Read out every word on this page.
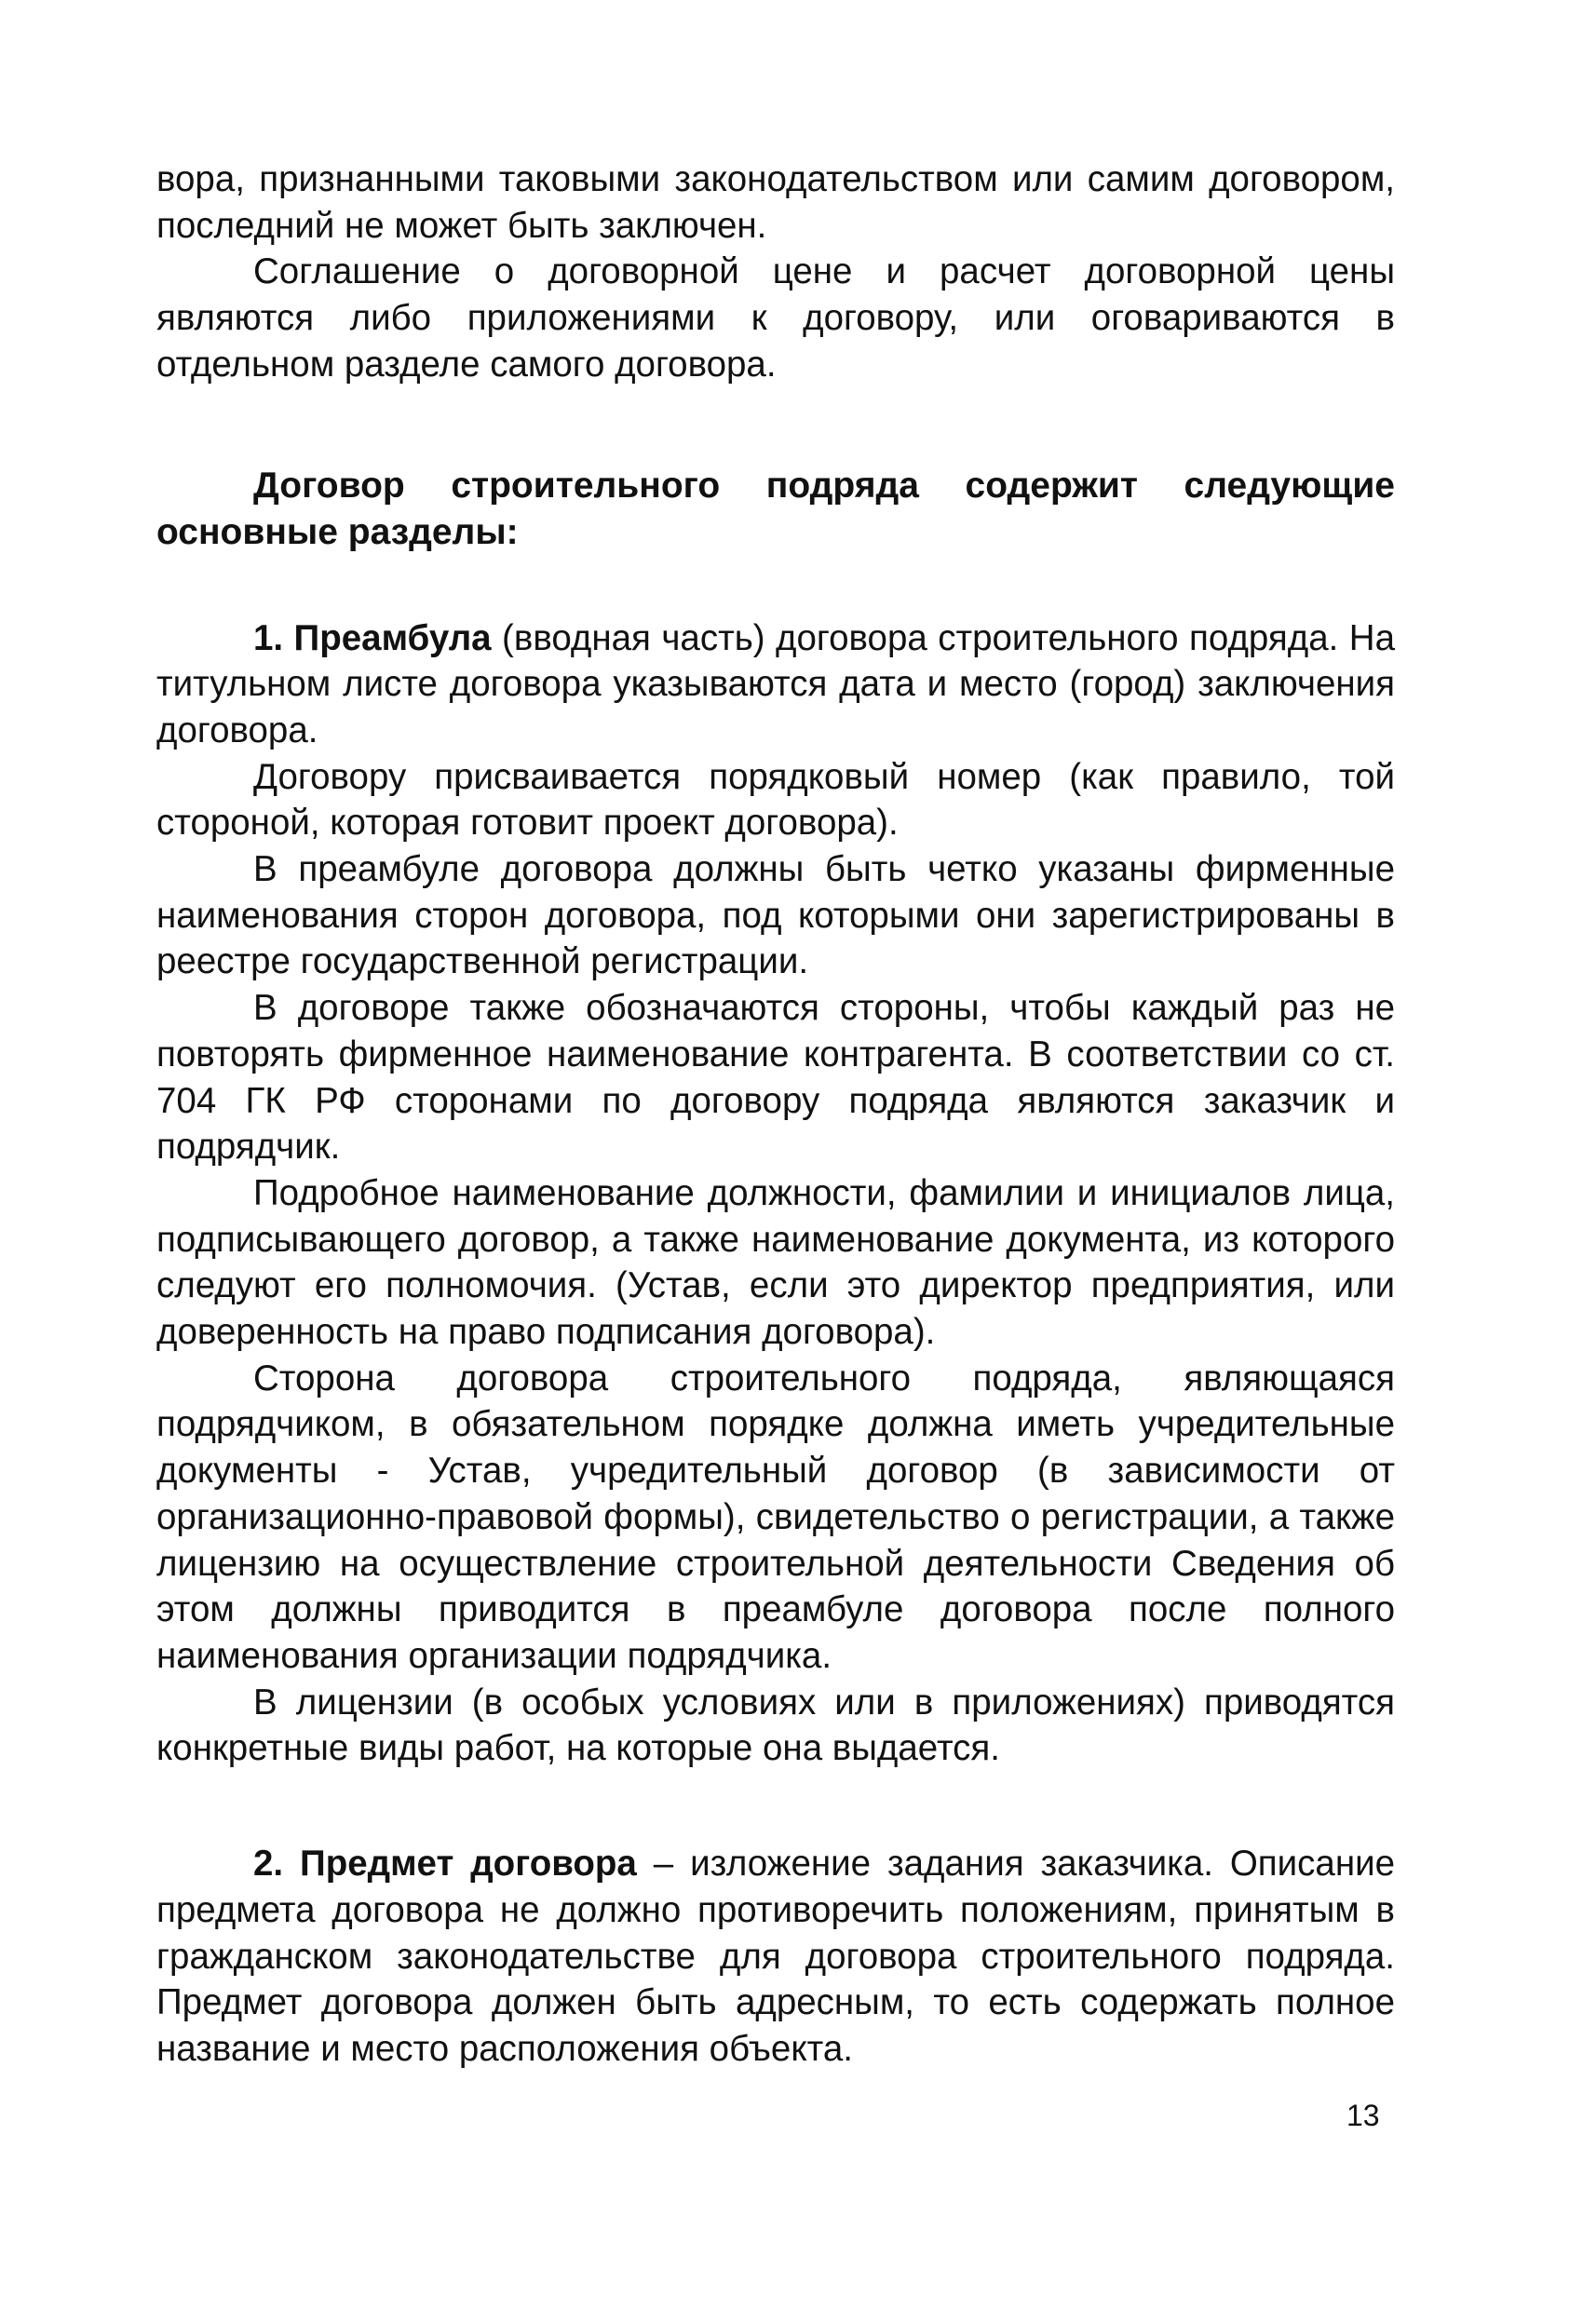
вора, признанными таковыми законодательством или самим договором, последний не может быть заключен.

Соглашение о договорной цене и расчет договорной цены являются либо приложениями к договору, или оговариваются в отдельном разделе самого договора.

Договор строительного подряда содержит следующие основные разделы:

1. Преамбула (вводная часть) договора строительного подряда. На титульном листе договора указываются дата и место (город) заключения договора.

Договору присваивается порядковый номер (как правило, той стороной, которая готовит проект договора).

В преамбуле договора должны быть четко указаны фирменные наименования сторон договора, под которыми они зарегистрированы в реестре государственной регистрации.

В договоре также обозначаются стороны, чтобы каждый раз не повторять фирменное наименование контрагента. В соответствии со ст. 704 ГК РФ сторонами по договору подряда являются заказчик и подрядчик.

Подробное наименование должности, фамилии и инициалов лица, подписывающего договор, а также наименование документа, из которого следуют его полномочия. (Устав, если это директор предприятия, или доверенность на право подписания договора).

Сторона договора строительного подряда, являющаяся подрядчиком, в обязательном порядке должна иметь учредительные документы - Устав, учредительный договор (в зависимости от организационно-правовой формы), свидетельство о регистрации, а также лицензию на осуществление строительной деятельности Сведения об этом должны приводится в преамбуле договора после полного наименования организации подрядчика.

В лицензии (в особых условиях или в приложениях) приводятся конкретные виды работ, на которые она выдается.

2. Предмет договора – изложение задания заказчика. Описание предмета договора не должно противоречить положениям, принятым в гражданском законодательстве для договора строительного подряда. Предмет договора должен быть адресным, то есть содержать полное название и место расположения объекта.

13
